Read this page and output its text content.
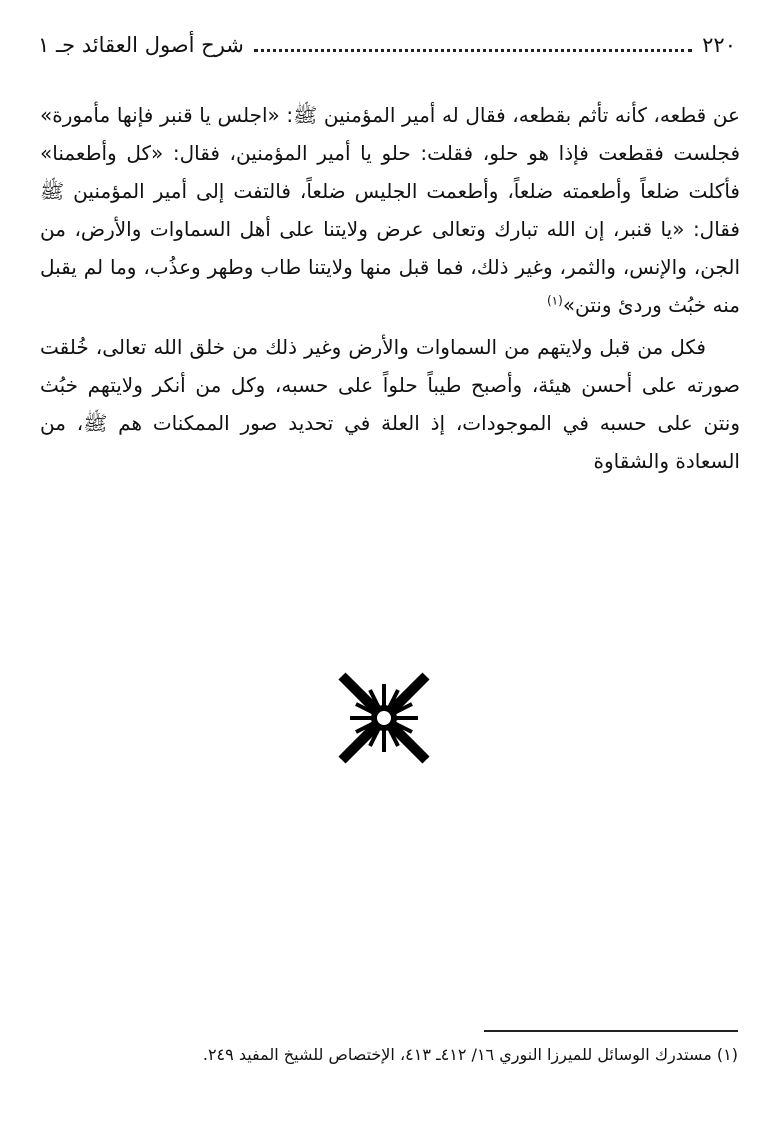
٢٢٠
شرح أصول العقائد جـ ١

عن قطعه، كأنه تأثم بقطعه، فقال له أمير المؤمنين ﷺ: «اجلس يا قنبر فإنها مأمورة» فجلست فقطعت فإذا هو حلو، فقلت: حلو يا أمير المؤمنين، فقال: «كل وأطعمنا» فأكلت ضلعاً وأطعمته ضلعاً، وأطعمت الجليس ضلعاً، فالتفت إلى أمير المؤمنين ﷺ فقال: «يا قنبر، إن الله تبارك وتعالى عرض ولايتنا على أهل السماوات والأرض، من الجن، والإنس، والثمر، وغير ذلك، فما قبل منها ولايتنا طاب وطهر وعذُب، وما لم يقبل منه خبُث وردئ ونتن»$^{(١)}$

فكل من قبل ولايتهم من السماوات والأرض وغير ذلك من خلق الله تعالى، خُلقت صورته على أحسن هيئة، وأصبح طيباً حلواً على حسبه، وكل من أنكر ولايتهم خبُث ونتن على حسبه في الموجودات، إذ العلة في تحديد صور الممكنات هم ﷺ، من السعادة والشقاوة

(١) مستدرك الوسائل للميرزا النوري ١٦/ ٤١٢ـ ٤١٣، الإختصاص للشيخ المفيد ٢٤٩.
